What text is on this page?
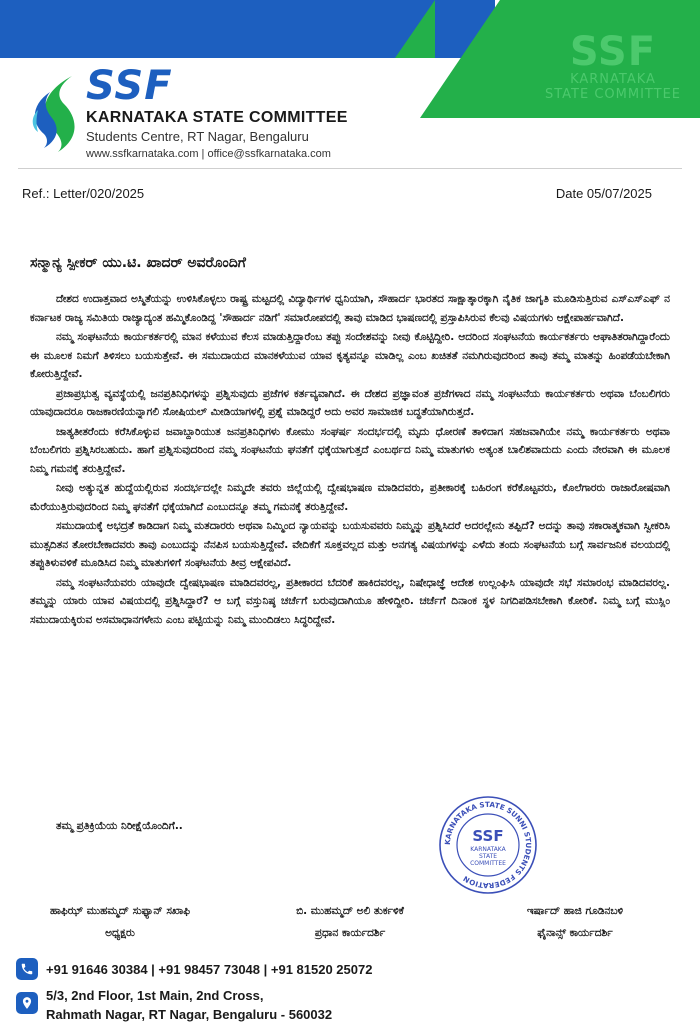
SSF
KARNATAKA
STATE COMMITTEE
SSF
KARNATAKA STATE COMMITTEE
Students Centre, RT Nagar, Bengaluru
www.ssfkarnataka.com | office@ssfkarnataka.com
Ref.: Letter/020/2025	Date 05/07/2025
ಸನ್ಮಾನ್ಯ ಸ್ಪೀಕರ್ ಯು.ಟಿ. ಖಾದರ್ ಅವರೊಂದಿಗೆ

ದೇಶದ ಉದಾತ್ತವಾದ ಅಸ್ಮಿತೆಯನ್ನು ಉಳಿಸಿಕೊಳ್ಳಲು ರಾಷ್ಟ್ರ ಮಟ್ಟದಲ್ಲಿ ವಿದ್ಯಾರ್ಥಿಗಳ ಧ್ವನಿಯಾಗಿ, ಸೌಹಾರ್ದ ಭಾರತದ ಸಾಕ್ಷಾತ್ಕಾರಕ್ಕಾಗಿ ನೈತಿಕ ಜಾಗೃತಿ ಮೂಡಿಸುತ್ತಿರುವ ಎಸ್ಎಸ್ಎಫ್ ನ ಕರ್ನಾಟಕ ರಾಜ್ಯ ಸಮಿತಿಯ ರಾಜ್ಯಾದ್ಯಂತ ಹಮ್ಮಿಕೊಂಡಿದ್ದ 'ಸೌಹಾರ್ದ ನಡಿಗೆ' ಸಮಾರೋಪದಲ್ಲಿ ತಾವು ಮಾಡಿದ ಭಾಷಣದಲ್ಲಿ ಪ್ರಸ್ತಾಪಿಸಿರುವ ಕೆಲವು ವಿಷಯಗಳು ಆಕ್ಷೇಪಾರ್ಹವಾಗಿದೆ.

ನಮ್ಮ ಸಂಘಟನೆಯ ಕಾರ್ಯಕರ್ತರಲ್ಲಿ ಮಾನ ಕಳೆಯುವ ಕೆಲಸ ಮಾಡುತ್ತಿದ್ದಾರೆಂಬ ತಪ್ಪು ಸಂದೇಶವನ್ನು ನೀವು ಕೊಟ್ಟಿದ್ದೀರಿ. ಆದರಿಂದ ಸಂಘಟನೆಯ ಕಾರ್ಯಕರ್ತರು ಆಘಾತಿತರಾಗಿದ್ದಾರೆಂದು ಈ ಮೂಲಕ ನಿಮಗೆ ತಿಳಿಸಲು ಬಯಸುತ್ತೇವೆ. ಈ ಸಮುದಾಯದ ಮಾನಕಳೆಯುವ ಯಾವ ಕೃತ್ಯವನ್ನೂ ಮಾಡಿಲ್ಲ ಎಂಬ ಖಚಿತತೆ ನಮಗಿರುವುದರಿಂದ ತಾವು ತಮ್ಮ ಮಾತನ್ನು ಹಿಂಪಡೆಯಬೇಕಾಗಿ ಕೋರುತ್ತಿದ್ದೇವೆ.

ಪ್ರಜಾಪ್ರಭುತ್ವ ವ್ಯವಸ್ಥೆಯಲ್ಲಿ ಜನಪ್ರತಿನಿಧಿಗಳನ್ನು ಪ್ರಶ್ನಿಸುವುದು ಪ್ರಜೆಗಳ ಕರ್ತವ್ಯವಾಗಿದೆ. ಈ ದೇಶದ ಪ್ರಜ್ಞಾವಂತ ಪ್ರಜೆಗಳಾದ ನಮ್ಮ ಸಂಘಟನೆಯ ಕಾರ್ಯಕರ್ತರು ಅಥವಾ ಬೆಂಬಲಿಗರು ಯಾವುದಾದರೂ ರಾಜಕಾರಣಿಯನ್ನಾಗಲಿ ಸೋಷಿಯಲ್ ಮೀಡಿಯಾಗಳಲ್ಲಿ ಪ್ರಶ್ನೆ ಮಾಡಿದ್ದರೆ ಅದು ಅವರ ಸಾಮಾಜಿಕ ಬದ್ಧತೆಯಾಗಿರುತ್ತದೆ.

ಜಾತ್ಯತೀತರೆಂದು ಕರೆಸಿಕೊಳ್ಳುವ ಜವಾಬ್ದಾರಿಯುತ ಜನಪ್ರತಿನಿಧಿಗಳು ಕೋಮು ಸಂಘರ್ಷ ಸಂದರ್ಭದಲ್ಲಿ ಮೃದು ಧೋರಣೆ ತಾಳಿದಾಗ ಸಹಜವಾಗಿಯೇ ನಮ್ಮ ಕಾರ್ಯಕರ್ತರು ಅಥವಾ ಬೆಂಬಲಿಗರು ಪ್ರಶ್ನಿಸಿರಬಹುದು. ಹಾಗೆ ಪ್ರಶ್ನಿಸುವುದರಿಂದ ನಮ್ಮ ಸಂಘಟನೆಯ ಘನತೆಗೆ ಧಕ್ಕೆಯಾಗುತ್ತದೆ ಎಂಬರ್ಥದ ನಿಮ್ಮ ಮಾತುಗಳು ಅತ್ಯಂತ ಬಾಲಿಶವಾದುದು ಎಂದು ನೇರವಾಗಿ ಈ ಮೂಲಕ ನಿಮ್ಮ ಗಮನಕ್ಕೆ ತರುತ್ತಿದ್ದೇವೆ.

ನೀವು ಅತ್ಯುನ್ನತ ಹುದ್ದೆಯಲ್ಲಿರುವ ಸಂದರ್ಭದಲ್ಲೇ ನಿಮ್ಮದೇ ತವರು ಜಿಲ್ಲೆಯಲ್ಲಿ ದ್ವೇಷಭಾಷಣ ಮಾಡಿದವರು, ಪ್ರತೀಕಾರಕ್ಕೆ ಬಹಿರಂಗ ಕರೆಕೊಟ್ಟವರು, ಕೊಲೆಗಾರರು ರಾಜಾರೋಷವಾಗಿ ಮೆರೆಯುತ್ತಿರುವುದರಿಂದ ನಿಮ್ಮ ಘನತೆಗೆ ಧಕ್ಕೆಯಾಗಿದೆ ಎಂಬುದನ್ನೂ ತಮ್ಮ ಗಮನಕ್ಕೆ ತರುತ್ತಿದ್ದೇವೆ.

ಸಮುದಾಯಕ್ಕೆ ಅಭದ್ರತೆ ಕಾಡಿದಾಗ ನಿಮ್ಮ ಮತದಾರರು ಅಥವಾ ನಿಮ್ಮಿಂದ ನ್ಯಾಯವನ್ನು ಬಯಸುವವರು ನಿಮ್ಮನ್ನು ಪ್ರಶ್ನಿಸಿದರೆ ಅದರಲ್ಲೇನು ತಪ್ಪಿದೆ? ಅದನ್ನು ತಾವು ಸಕಾರಾತ್ಮಕವಾಗಿ ಸ್ವೀಕರಿಸಿ ಮುತ್ಸದಿತನ ತೋರಬೇಕಾದವರು ತಾವು ಎಂಬುದನ್ನು ನೆನಪಿಸ ಬಯಸುತ್ತಿದ್ದೇವೆ. ವೇದಿಕೆಗೆ ಸೂಕ್ತವಲ್ಲದ ಮತ್ತು ಅನಗತ್ಯ ವಿಷಯಗಳನ್ನು ಎಳೆದು ತಂದು ಸಂಘಟನೆಯ ಬಗ್ಗೆ ಸಾರ್ವಜನಿಕ ವಲಯದಲ್ಲಿ ತಪ್ಪುತಿಳುವಳಿಕೆ ಮೂಡಿಸಿದ ನಿಮ್ಮ ಮಾತುಗಳಿಗೆ ಸಂಘಟನೆಯ ತೀವ್ರ ಆಕ್ಷೇಪವಿದೆ.

ನಮ್ಮ ಸಂಘಟನೆಯವರು ಯಾವುದೇ ದ್ವೇಷಭಾಷಣ ಮಾಡಿದವರಲ್ಲ, ಪ್ರತೀಕಾರದ ಬೆದರಿಕೆ ಹಾಕಿದವರಲ್ಲ, ನಿಷೇಧಾಜ್ಞೆ ಆದೇಶ ಉಲ್ಲಂಘಿಸಿ ಯಾವುದೇ ಸಭೆ ಸಮಾರಂಭ ಮಾಡಿದವರಲ್ಲ. ತಮ್ಮನ್ನು ಯಾರು ಯಾವ ವಿಷಯದಲ್ಲಿ ಪ್ರಶ್ನಿಸಿದ್ದಾರೆ? ಆ ಬಗ್ಗೆ ವಸ್ತುನಿಷ್ಠ ಚರ್ಚೆಗೆ ಬರುವುದಾಗಿಯೂ ಹೇಳಿದ್ದೀರಿ. ಚರ್ಚೆಗೆ ದಿನಾಂಕ ಸ್ಥಳ ನಿಗದಿಪಡಿಸಬೇಕಾಗಿ ಕೋರಿಕೆ. ನಿಮ್ಮ ಬಗ್ಗೆ ಮುಸ್ಲಿಂ ಸಮುದಾಯಕ್ಕಿರುವ ಅಸಮಾಧಾನಗಳೇನು ಎಂಬ ಪಟ್ಟಿಯನ್ನು ನಿಮ್ಮ ಮುಂದಿಡಲು ಸಿದ್ಧರಿದ್ದೇವೆ.

ತಮ್ಮ ಪ್ರತಿಕ್ರಿಯೆಯ ನಿರೀಕ್ಷೆಯೊಂದಿಗೆ..
KARNATAKA STATE SUNNI STUDENTS FEDERATION
SSF
KARNATAKA
STATE
COMMITTEE
ಹಾಫಿಝ್ ಮುಹಮ್ಮದ್ ಸುಫ್ಯಾನ್ ಸಖಾಫಿ
ಅಧ್ಯಕ್ಷರು
ಬಿ. ಮುಹಮ್ಮದ್ ಅಲಿ ತುರ್ಕಳಿಕೆ
ಪ್ರಧಾನ ಕಾರ್ಯದರ್ಶಿ
ಇರ್ಷಾದ್ ಹಾಜಿ ಗೂಡಿನಬಳಿ
ಫೈನಾನ್ಸ್ ಕಾರ್ಯದರ್ಶಿ
+91 91646 30384 | +91 98457 73048 | +91 81520 25072
5/3, 2nd Floor, 1st Main, 2nd Cross,
Rahmath Nagar, RT Nagar, Bengaluru - 560032
